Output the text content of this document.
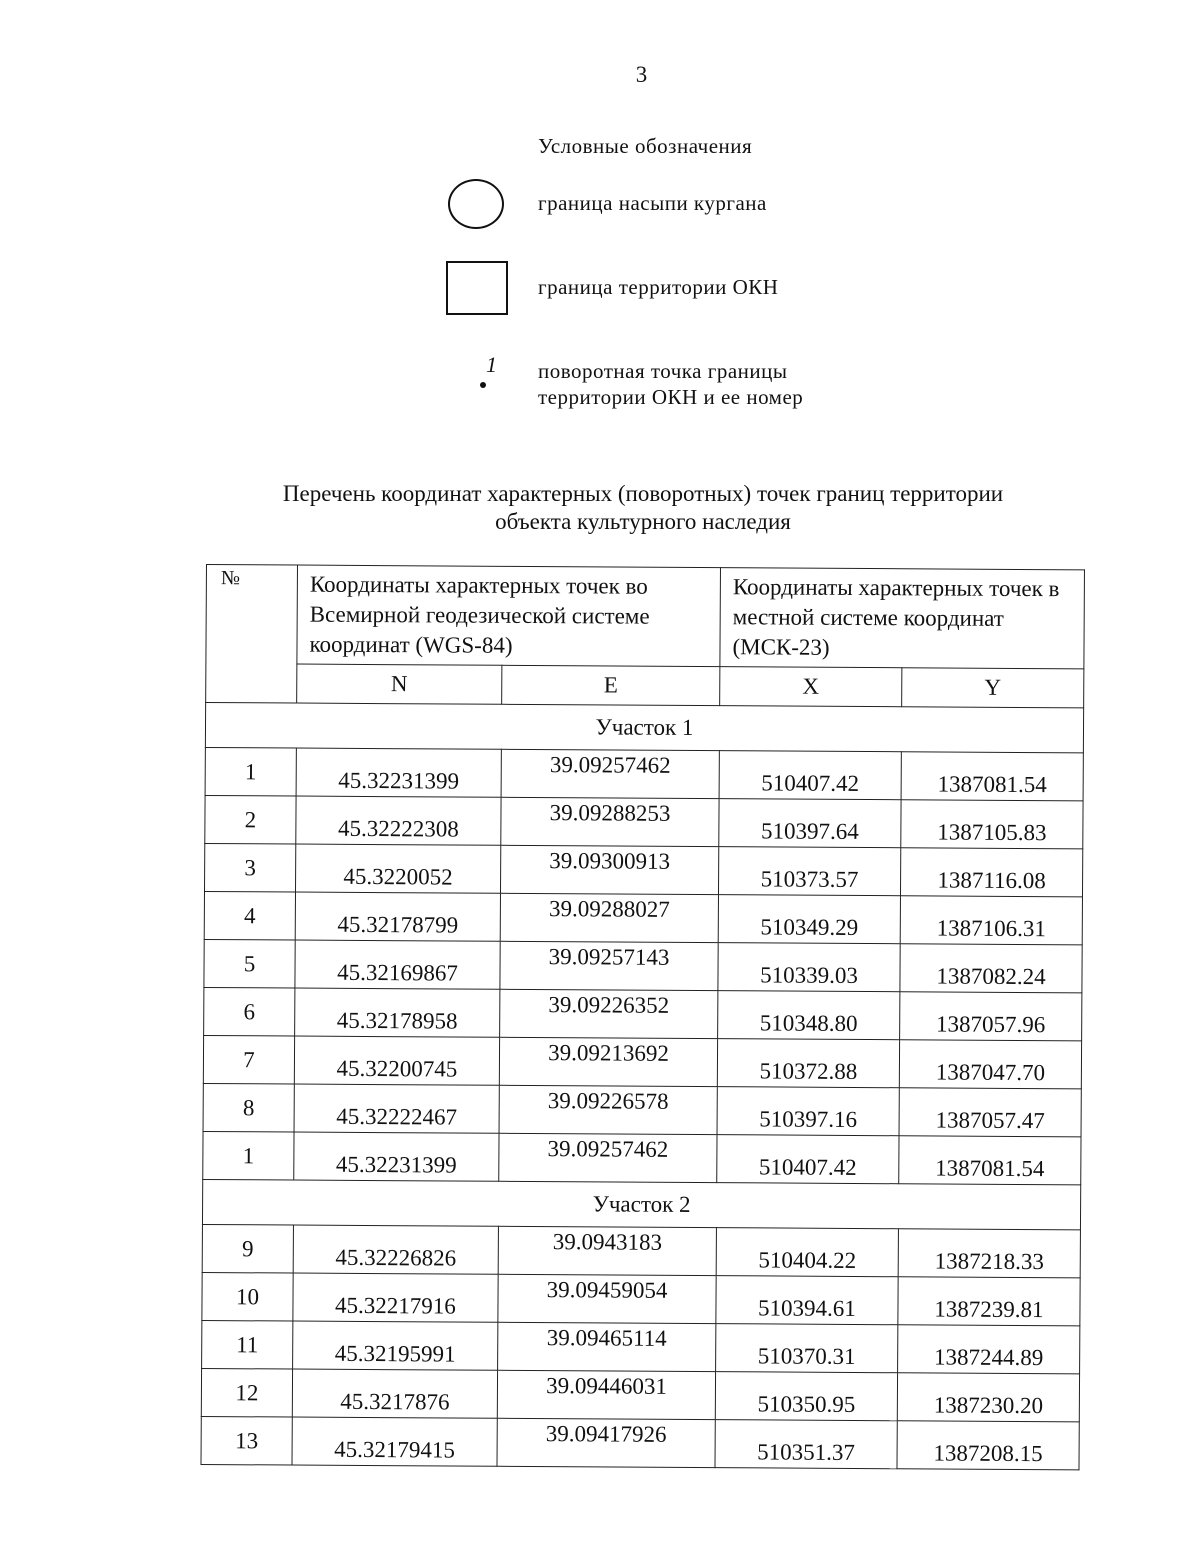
3
Условные обозначения
граница насыпи кургана
граница территории ОКН
1 поворотная точка границы
территории ОКН и ее номер
Перечень координат характерных (поворотных) точек границ территории
объекта культурного наследия
№	Координаты характерных точек во Всемирной геодезической системе координат (WGS-84)		Координаты характерных точек в местной системе координат (МСК-23)	
	N	E	X	Y
Участок 1				
1	45.32231399	39.09257462	510407.42	1387081.54
2	45.32222308	39.09288253	510397.64	1387105.83
3	45.3220052	39.09300913	510373.57	1387116.08
4	45.32178799	39.09288027	510349.29	1387106.31
5	45.32169867	39.09257143	510339.03	1387082.24
6	45.32178958	39.09226352	510348.80	1387057.96
7	45.32200745	39.09213692	510372.88	1387047.70
8	45.32222467	39.09226578	510397.16	1387057.47
1	45.32231399	39.09257462	510407.42	1387081.54
Участок 2				
9	45.32226826	39.0943183	510404.22	1387218.33
10	45.32217916	39.09459054	510394.61	1387239.81
11	45.32195991	39.09465114	510370.31	1387244.89
12	45.3217876	39.09446031	510350.95	1387230.20
13	45.32179415	39.09417926	510351.37	1387208.15
